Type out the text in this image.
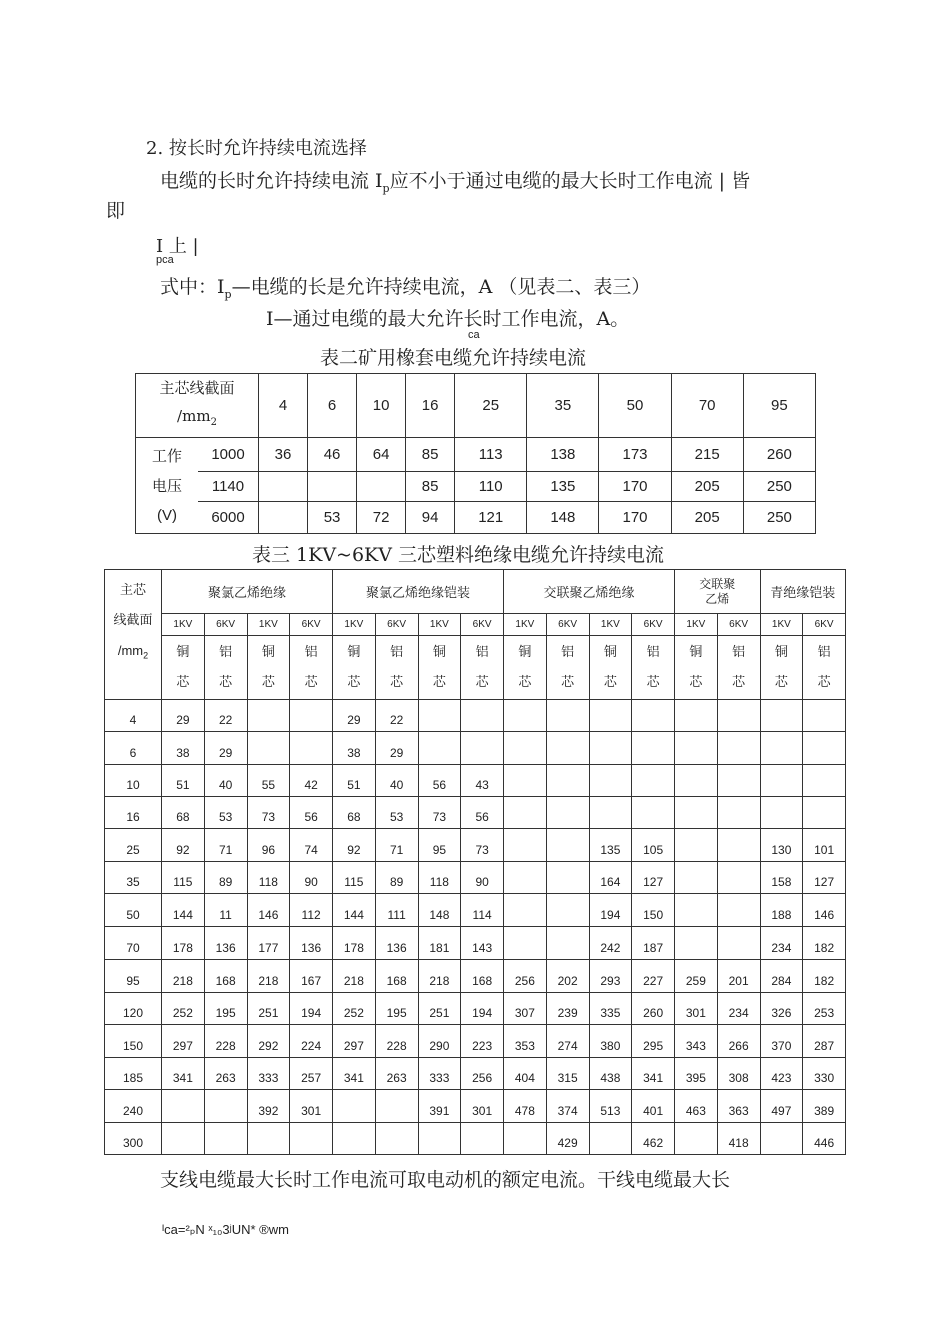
2. 按长时允许持续电流选择
电缆的长时允许持续电流 $I_p$应不小于通过电缆的最大长时工作电流 | 皆
即
I 上 |
pca
式中：$I_p—$电缆的长是允许持续电流，A （见表二、表三）
I—通过电缆的最大允许长时工作电流，A。
ca
表二矿用橡套电缆允许持续电流
主芯线截面
$/mm_2$		4	6	10	16	25	35	50	70	95

工作
电压
(V)	1000	36	46	64	85	113	138	173	215	260
	1140				85	110	135	170	205	250
	6000		53	72	94	121	148	170	205	250
表三 1KV~6KV 三芯塑料绝缘电缆允许持续电流
主芯
线截面
$/mm_2$	聚氯乙烯绝缘				聚氯乙烯绝缘铠装				交联聚乙烯绝缘				交联聚
乙烯		青绝缘铠装	
	1KV	6KV	1KV	6KV	1KV	6KV	1KV	6KV	1KV	6KV	1KV	6KV	1KV	6KV	1KV	6KV

	铜
芯	铝
芯	铜
芯	铝
芯	铜
芯	铝
芯	铜
芯	铝
芯	铜
芯	铝
芯	铜
芯	铝
芯	铜
芯	铝
芯	铜
芯	铝
芯

4	29	22			29	22										
6	38	29			38	29										
10	51	40	55	42	51	40	56	43								
16	68	53	73	56	68	53	73	56								
25	92	71	96	74	92	71	95	73			135	105			130	101
35	115	89	118	90	115	89	118	90			164	127			158	127
50	144	11	146	112	144	111	148	114			194	150			188	146
70	178	136	177	136	178	136	181	143			242	187			234	182
95	218	168	218	167	218	168	218	168	256	202	293	227	259	201	284	182
120	252	195	251	194	252	195	251	194	307	239	335	260	301	234	326	253
150	297	228	292	224	297	228	290	223	353	274	380	295	343	266	370	287
185	341	263	333	257	341	263	333	256	404	315	438	341	395	308	423	330
240			392	301			391	301	478	374	513	401	463	363	497	389
300										429		462		418		446
支线电缆最大长时工作电流可取电动机的额定电流。干线电缆最大长
ᴵca=²ₚN ˣ₁₀3ʲUN* ®wm
